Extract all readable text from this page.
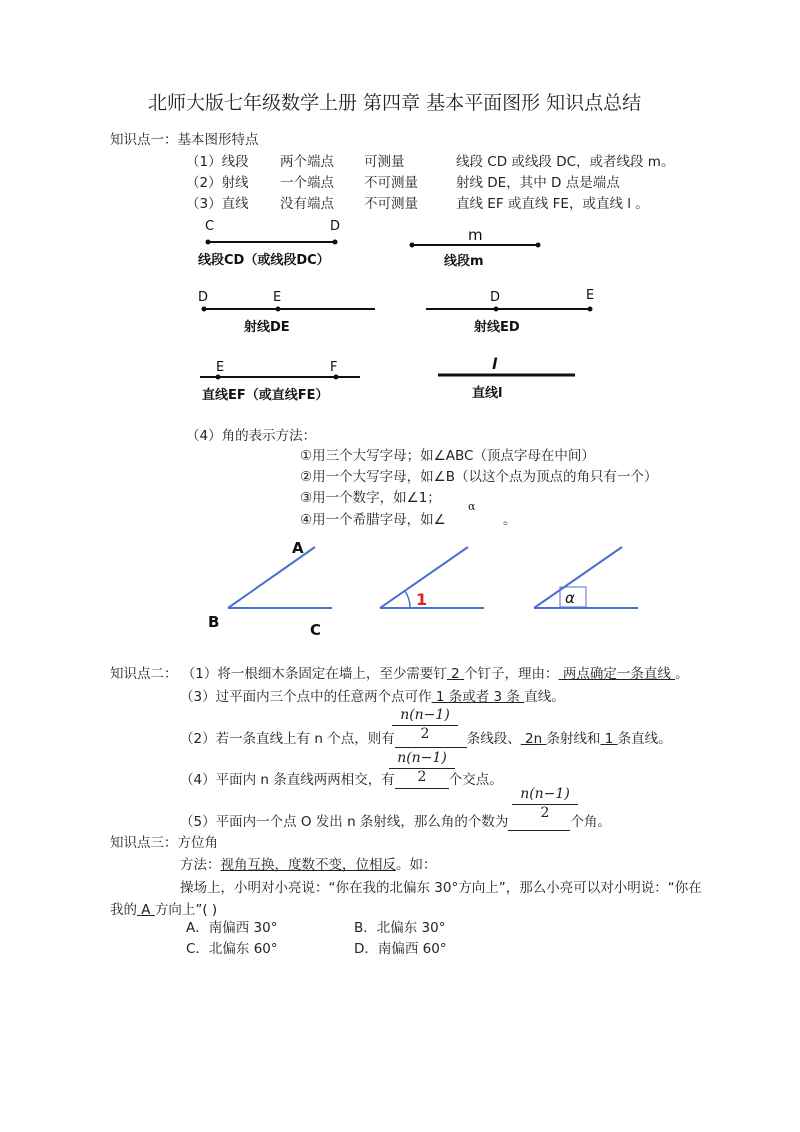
北师大版七年级数学上册 第四章 基本平面图形 知识点总结
知识点一：基本图形特点
（1）线段 两个端点 可测量	线段 CD 或线段 DC，或者线段 m。
（2）射线 一个端点 不可测量	射线 DE，其中 D 点是端点
（3）直线 没有端点 不可测量	直线 EF 或直线 FE，或直线 l 。
C	D
线段CD（或线段DC）
m
线段m
D	E
射线DE
D	E
射线ED
E	F
直线EF（或直线FE）
l
直线l
（4）角的表示方法：
①用三个大写字母；如∠ABC（顶点字母在中间）
②用一个大写字母，如∠B（以这个点为顶点的角只有一个）
③用一个数字，如∠1；
④用一个希腊字母，如∠
α
。
A
B	C
1	α
知识点二： （1）将一根细木条固定在墙上，至少需要钉 2 个钉子，理由： 两点确定一条直线 。
（3）过平面内三个点中的任意两个点可作 1 条或者 3 条 直线。
$\frac{n(n-1)}{2}$
（2）若一条直线上有 n 个点，则有	条线段、 2n 条射线和 1 条直线。
$\frac{n(n-1)}{2}$
（4）平面内 n 条直线两两相交，有	个交点。
$\frac{n(n-1)}{2}$
（5）平面内一个点 O 发出 n 条射线，那么角的个数为	个角。
知识点三：方位角
方法：视角互换，度数不变，位相反。如：
操场上，小明对小亮说：“你在我的北偏东 30°方向上”，那么小亮可以对小明说：“你在
我的 A 方向上”( )
A．南偏西 30°	B．北偏东 30°
C．北偏东 60°	D．南偏西 60°
